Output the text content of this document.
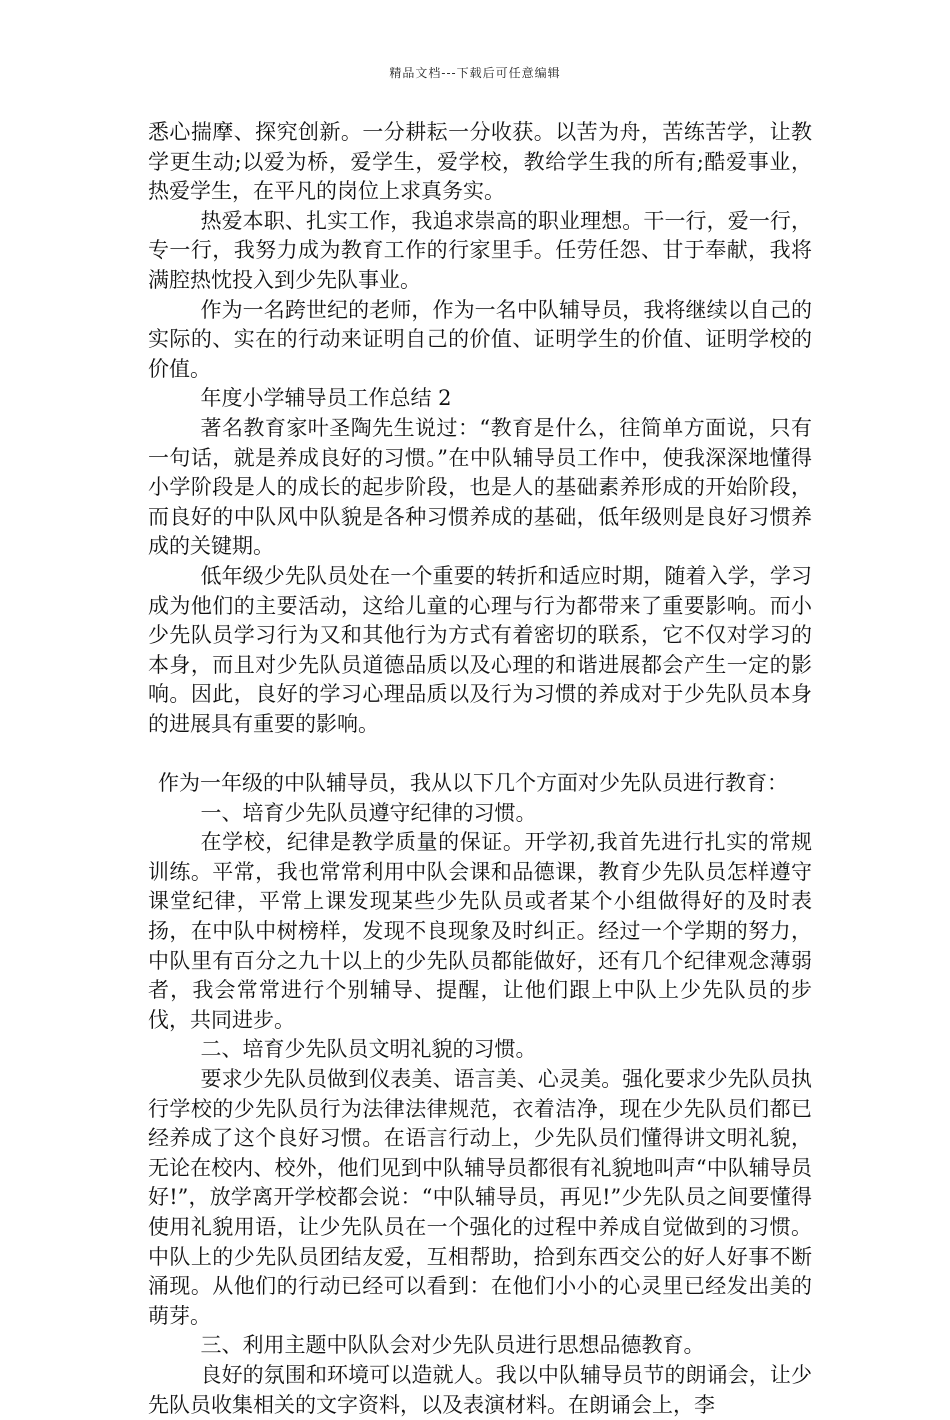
精品文档---下载后可任意编辑

悉心揣摩、探究创新。一分耕耘一分收获。以苦为舟，苦练苦学，让教学更生动;以爱为桥，爱学生，爱学校，教给学生我的所有;酷爱事业，热爱学生，在平凡的岗位上求真务实。

热爱本职、扎实工作，我追求崇高的职业理想。干一行，爱一行，专一行，我努力成为教育工作的行家里手。任劳任怨、甘于奉献，我将满腔热忱投入到少先队事业。

作为一名跨世纪的老师，作为一名中队辅导员，我将继续以自己的实际的、实在的行动来证明自己的价值、证明学生的价值、证明学校的价值。

年度小学辅导员工作总结 2

著名教育家叶圣陶先生说过：“教育是什么，往简单方面说，只有一句话，就是养成良好的习惯。”在中队辅导员工作中，使我深深地懂得小学阶段是人的成长的起步阶段，也是人的基础素养形成的开始阶段，而良好的中队风中队貌是各种习惯养成的基础，低年级则是良好习惯养成的关键期。

低年级少先队员处在一个重要的转折和适应时期，随着入学，学习成为他们的主要活动，这给儿童的心理与行为都带来了重要影响。而小少先队员学习行为又和其他行为方式有着密切的联系，它不仅对学习的本身，而且对少先队员道德品质以及心理的和谐进展都会产生一定的影响。因此，良好的学习心理品质以及行为习惯的养成对于少先队员本身的进展具有重要的影响。

作为一年级的中队辅导员，我从以下几个方面对少先队员进行教育：

一、培育少先队员遵守纪律的习惯。

在学校，纪律是教学质量的保证。开学初,我首先进行扎实的常规训练。平常，我也常常利用中队会课和品德课，教育少先队员怎样遵守课堂纪律，平常上课发现某些少先队员或者某个小组做得好的及时表扬，在中队中树榜样，发现不良现象及时纠正。经过一个学期的努力，中队里有百分之九十以上的少先队员都能做好，还有几个纪律观念薄弱者，我会常常进行个别辅导、提醒，让他们跟上中队上少先队员的步伐，共同进步。

二、培育少先队员文明礼貌的习惯。

要求少先队员做到仪表美、语言美、心灵美。强化要求少先队员执行学校的少先队员行为法律法律规范，衣着洁净，现在少先队员们都已经养成了这个良好习惯。在语言行动上，少先队员们懂得讲文明礼貌，无论在校内、校外，他们见到中队辅导员都很有礼貌地叫声“中队辅导员好!”，放学离开学校都会说：“中队辅导员，再见!”少先队员之间要懂得使用礼貌用语，让少先队员在一个强化的过程中养成自觉做到的习惯。中队上的少先队员团结友爱，互相帮助，拾到东西交公的好人好事不断涌现。从他们的行动已经可以看到：在他们小小的心灵里已经发出美的萌芽。

三、利用主题中队队会对少先队员进行思想品德教育。

良好的氛围和环境可以造就人。我以中队辅导员节的朗诵会，让少先队员收集相关的文字资料，以及表演材料。在朗诵会上，李
